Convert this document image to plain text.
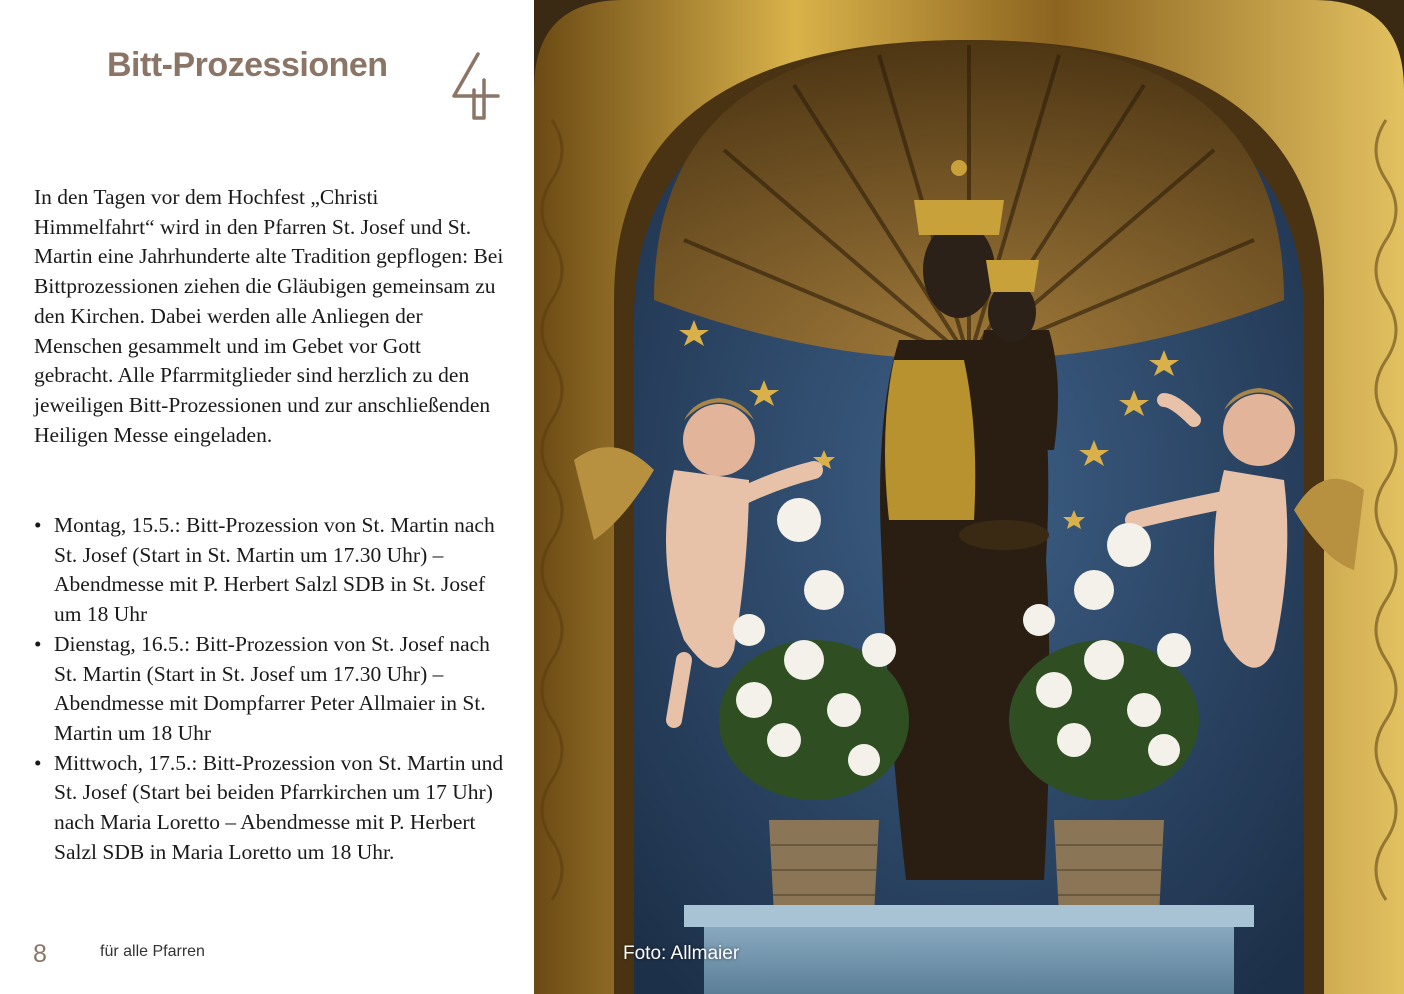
Bitt-Prozessionen

In den Tagen vor dem Hochfest „Christi Himmelfahrt“ wird in den Pfarren St. Josef und St. Martin eine Jahrhunderte alte Tradition gepflogen: Bei Bittprozessionen ziehen die Gläubigen gemeinsam zu den Kirchen. Dabei werden alle Anliegen der Menschen gesammelt und im Gebet vor Gott gebracht. Alle Pfarrmitglieder sind herzlich zu den jeweiligen Bitt-Prozessionen und zur anschließenden Heiligen Messe eingeladen.

• Montag, 15.5.: Bitt-Prozession von St. Martin nach St. Josef (Start in St. Martin um 17.30 Uhr) – Abendmesse mit P. Herbert Salzl SDB in St. Josef um 18 Uhr
• Dienstag, 16.5.: Bitt-Prozession von St. Josef nach St. Martin (Start in St. Josef um 17.30 Uhr) – Abendmesse mit Dompfarrer Peter Allmaier in St. Martin um 18 Uhr
• Mittwoch, 17.5.: Bitt-Prozession von St. Martin und St. Josef (Start bei beiden Pfarrkirchen um 17 Uhr) nach Maria Loretto – Abendmesse mit P. Herbert Salzl SDB in Maria Loretto um 18 Uhr.
8	für alle Pfarren	Foto: Allmaier
